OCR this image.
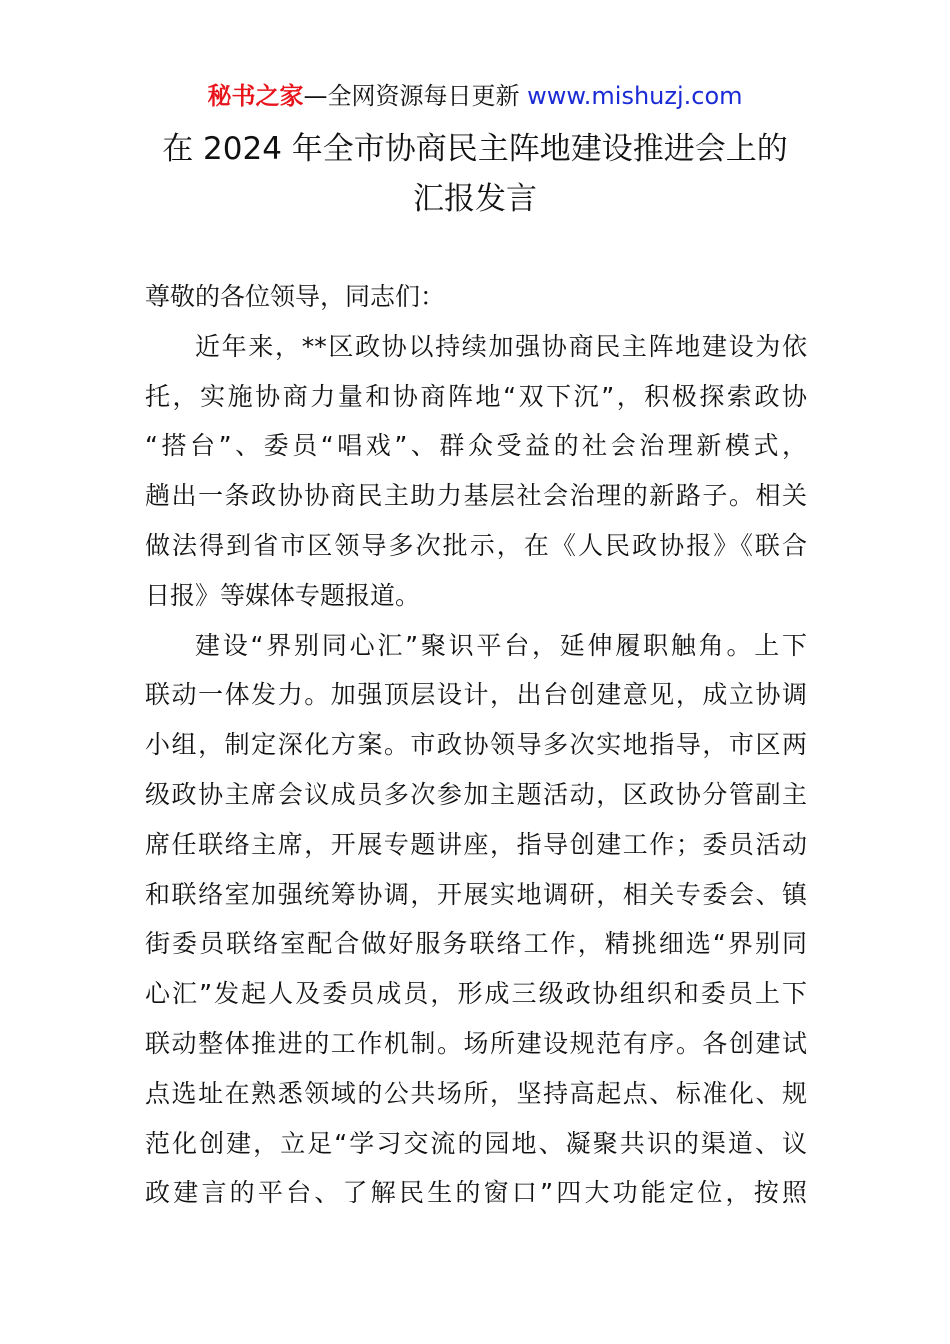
秘书之家—全网资源每日更新 www.mishuzj.com
在 2024 年全市协商民主阵地建设推进会上的
汇报发言
尊敬的各位领导，同志们：
近年来，**区政协以持续加强协商民主阵地建设为依
托，实施协商力量和协商阵地“双下沉”，积极探索政协
“搭台”、委员“唱戏”、群众受益的社会治理新模式，
趟出一条政协协商民主助力基层社会治理的新路子。相关
做法得到省市区领导多次批示，在《人民政协报》《联合
日报》等媒体专题报道。
建设“界别同心汇”聚识平台，延伸履职触角。上下
联动一体发力。加强顶层设计，出台创建意见，成立协调
小组，制定深化方案。市政协领导多次实地指导，市区两
级政协主席会议成员多次参加主题活动，区政协分管副主
席任联络主席，开展专题讲座，指导创建工作；委员活动
和联络室加强统筹协调，开展实地调研，相关专委会、镇
街委员联络室配合做好服务联络工作，精挑细选“界别同
心汇”发起人及委员成员，形成三级政协组织和委员上下
联动整体推进的工作机制。场所建设规范有序。各创建试
点选址在熟悉领域的公共场所，坚持高起点、标准化、规
范化创建，立足“学习交流的园地、凝聚共识的渠道、议
政建言的平台、了解民生的窗口”四大功能定位，按照
